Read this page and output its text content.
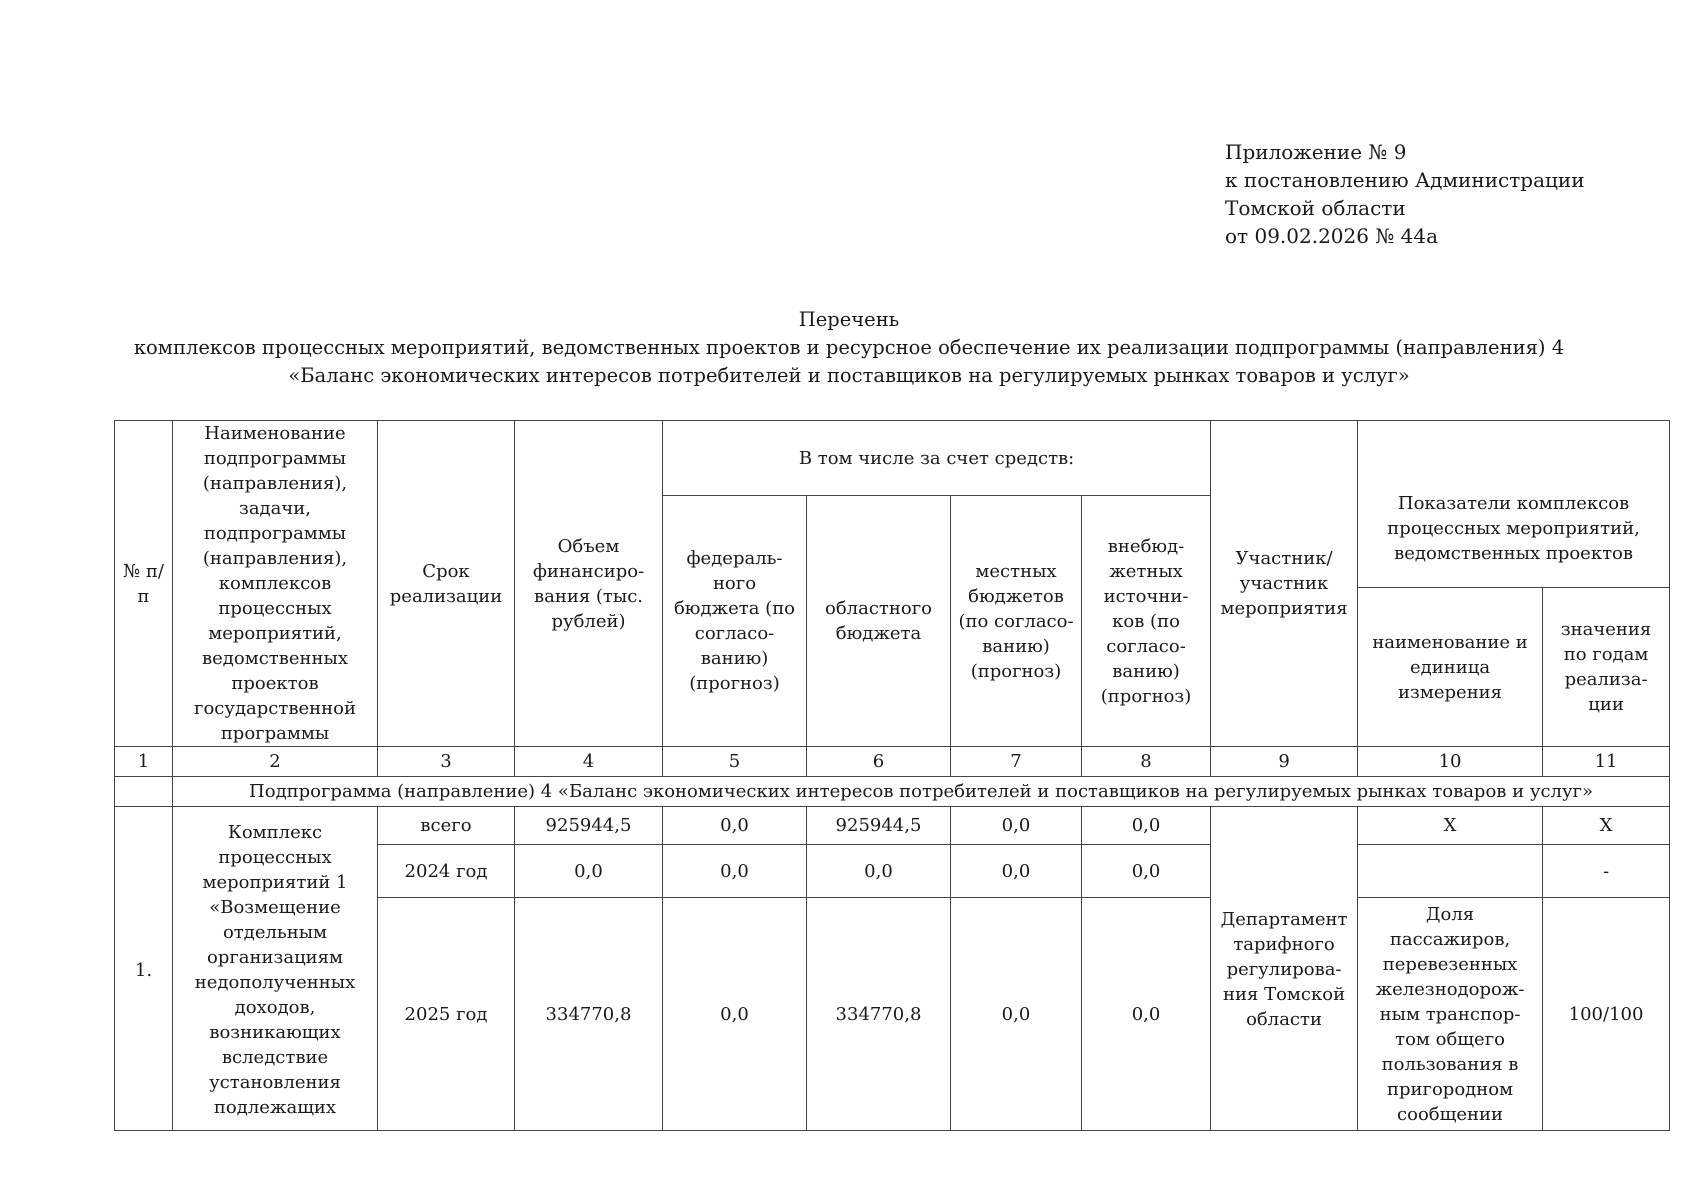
Приложение № 9
к постановлению Администрации
Томской области
от 09.02.2026 № 44а
Перечень
комплексов процессных мероприятий, ведомственных проектов и ресурсное обеспечение их реализации подпрограммы (направления) 4
«Баланс экономических интересов потребителей и поставщиков на регулируемых рынках товаров и услуг»
№ п/п	Наименование подпрограммы (направления), задачи, подпрограммы (направления), комплексов процессных мероприятий, ведомственных проектов государственной программы	Срок реализации	Объем финансиро-вания (тыс. рублей)	В том числе за счет средств:				Участник/ участник мероприятия	Показатели комплексов процессных мероприятий, ведомственных проектов	
				федераль-ного бюджета (по согласо-ванию) (прогноз)	областного бюджета	местных бюджетов (по согласо-ванию) (прогноз)	внебюд-жетных источни-ков (по согласо-ванию) (прогноз)			
									наименование и единица измерения	значения по годам реализа-ции
1	2	3	4	5	6	7	8	9	10	11
	Подпрограмма (направление) 4 «Баланс экономических интересов потребителей и поставщиков на регулируемых рынках товаров и услуг»									
1.	Комплекс процессных мероприятий 1 «Возмещение отдельным организациям недополученных доходов, возникающих вследствие установления подлежащих	всего	925944,5	0,0	925944,5	0,0	0,0	Департамент тарифного регулирова-ния Томской области	Х	Х
		2024 год	0,0	0,0	0,0	0,0	0,0			-
		2025 год	334770,8	0,0	334770,8	0,0	0,0		Доля пассажиров, перевезенных железнодорож-ным транспор-том общего пользования в пригородном сообщении	100/100
